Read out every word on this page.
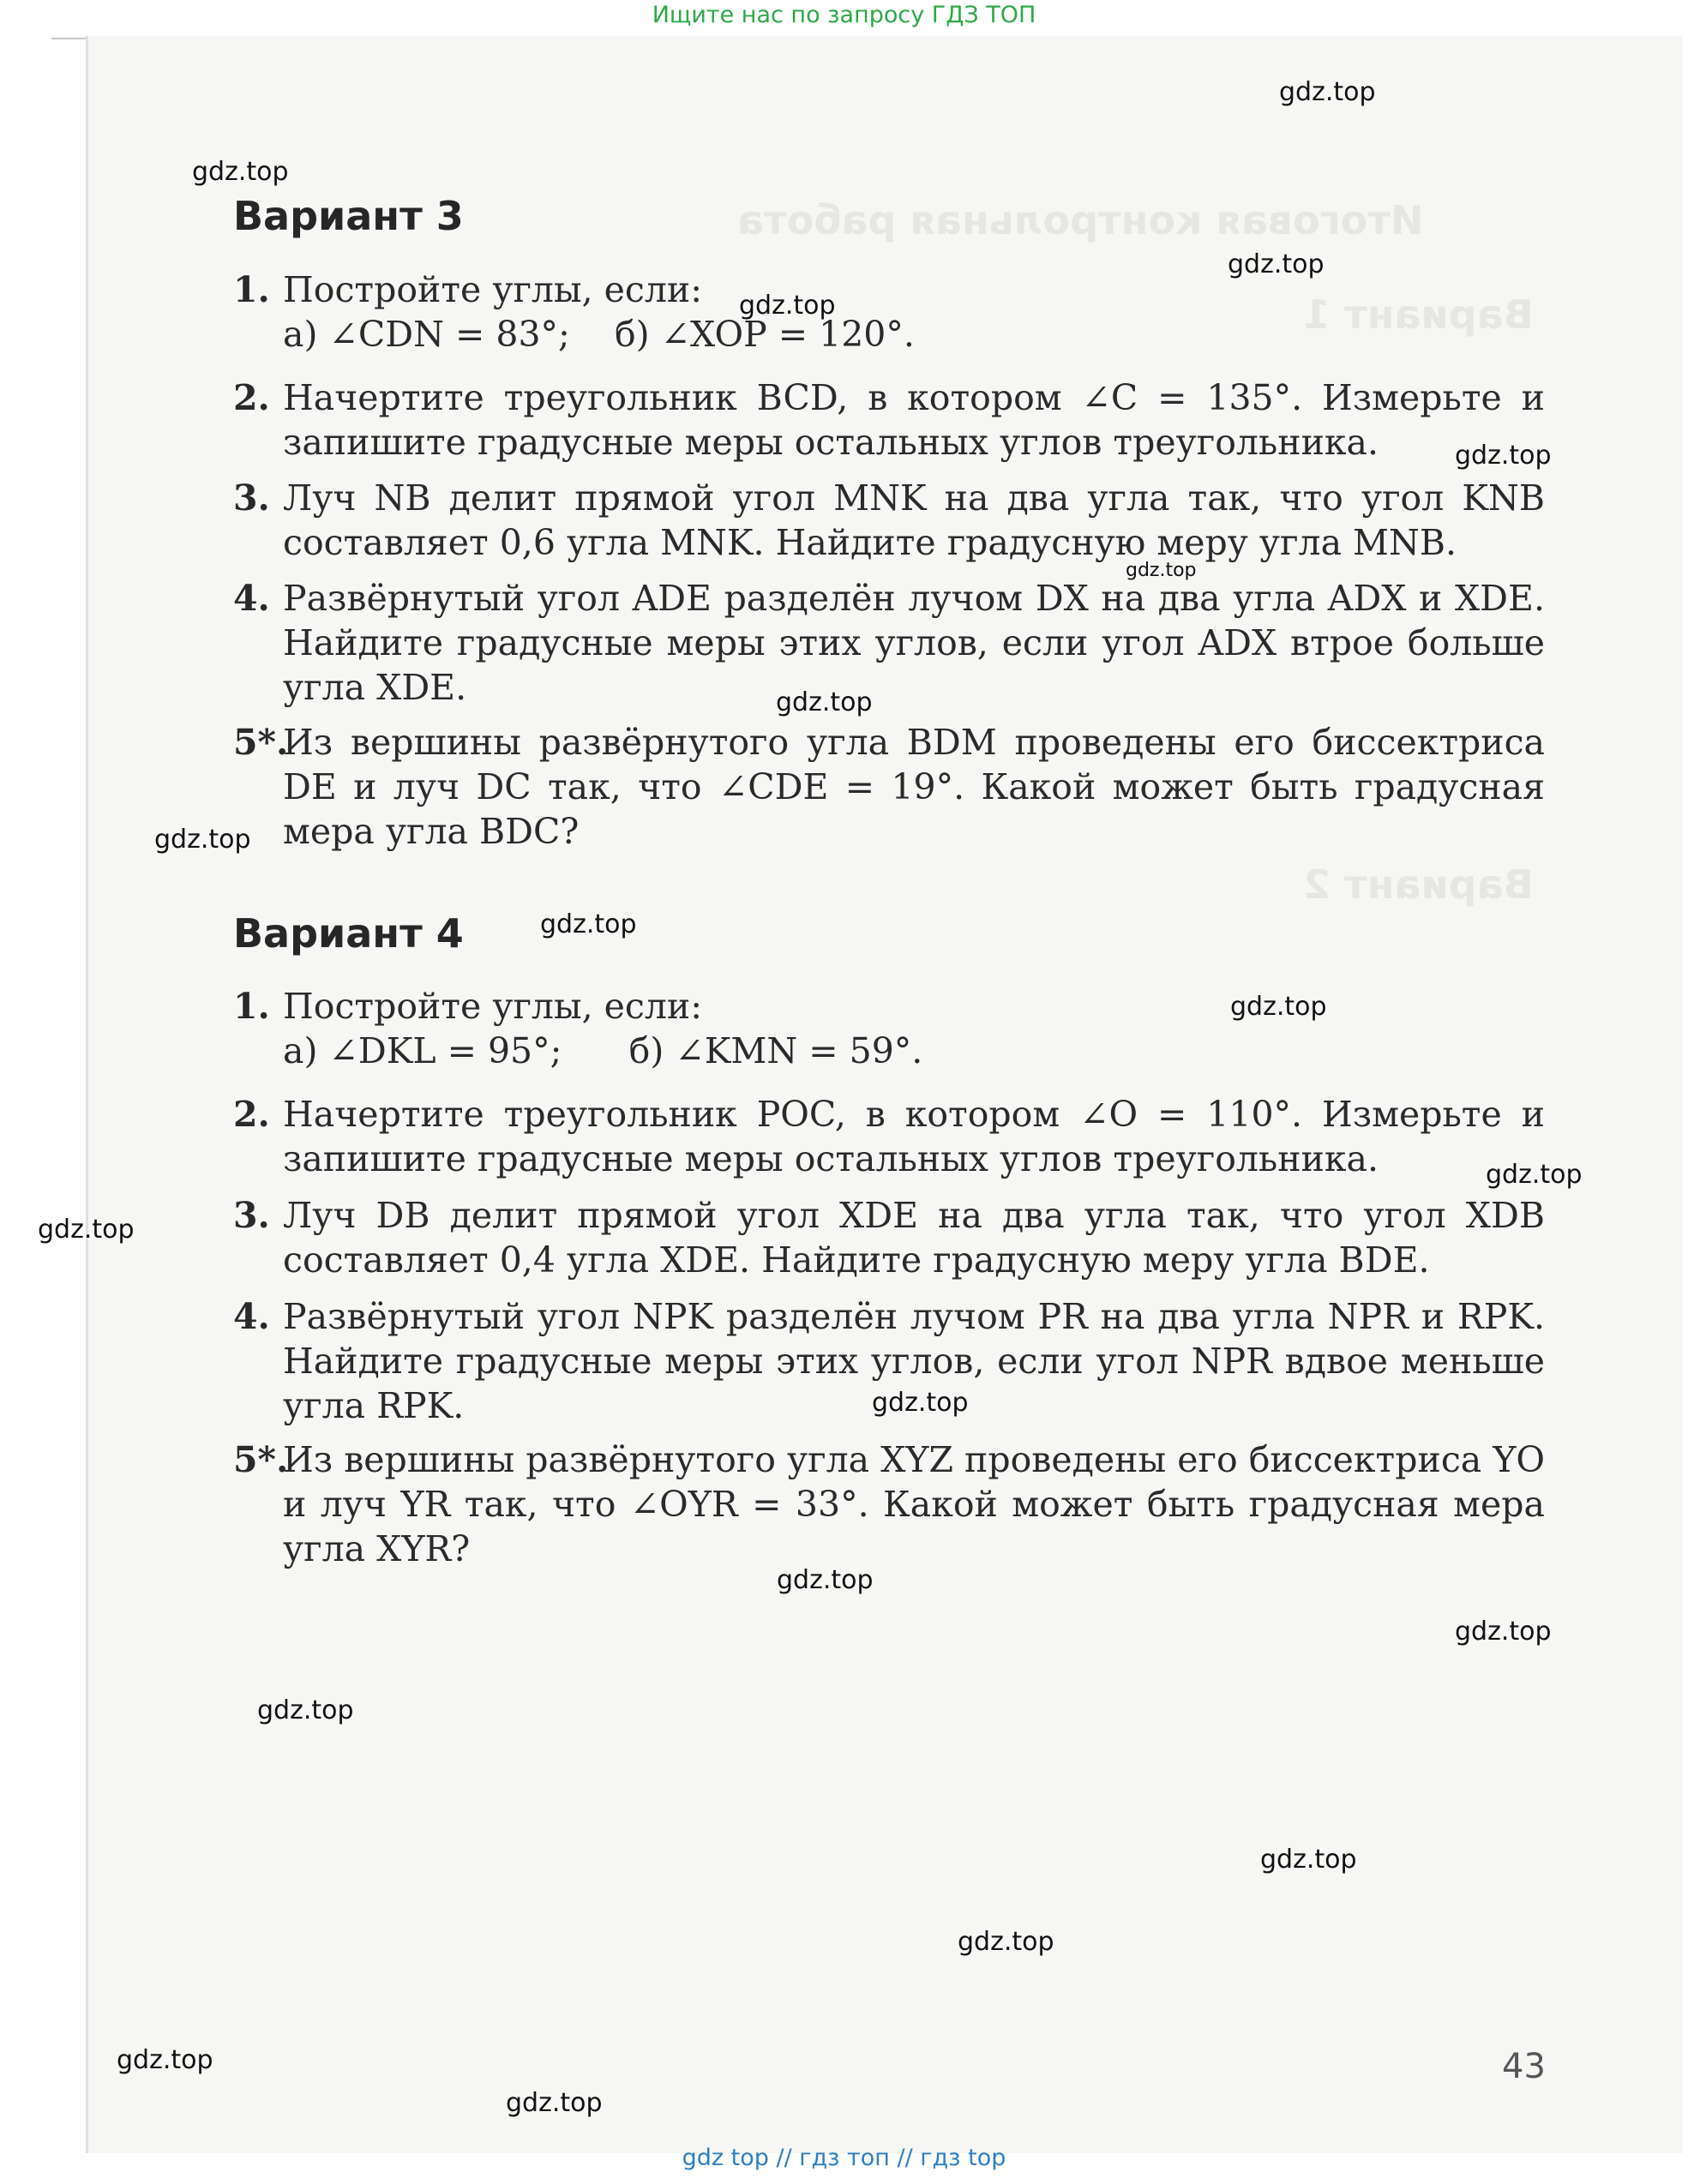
Ищите нас по запросу ГДЗ ТОП
Итоговая контрольная работа
Вариант 1
Вариант 2
Вариант 3
1. Постройте углы, если:
а) ∠CDN = 83°;    б) ∠XOP = 120°.
2. Начертите треугольник BCD, в котором ∠C = 135°. Измерьте и запишите градусные меры остальных углов треугольника.
3. Луч NB делит прямой угол MNK на два угла так, что угол KNB составляет 0,6 угла MNK. Найдите градусную меру угла MNB.
4. Развёрнутый угол ADE разделён лучом DX на два угла ADX и XDE. Найдите градусные меры этих углов, если угол ADX втрое больше угла XDE.
5*.
Из вершины развёрнутого угла BDM проведены его биссектриса DE и луч DC так, что ∠CDE = 19°. Какой может быть градусная мера угла BDC?
Вариант 4
1. Постройте углы, если:
а) ∠DKL = 95°;      б) ∠KMN = 59°.
2. Начертите треугольник POC, в котором ∠O = 110°. Измерьте и запишите градусные меры остальных углов треугольника.
3. Луч DB делит прямой угол XDE на два угла так, что угол XDB составляет 0,4 угла XDE. Найдите градусную меру угла BDE.
4. Развёрнутый угол NPK разделён лучом PR на два угла NPR и RPK. Найдите градусные меры этих углов, если угол NPR вдвое меньше угла RPK.
5*.
Из вершины развёрнутого угла XYZ проведены его биссектриса YO и луч YR так, что ∠OYR = 33°. Какой может быть градусная мера угла XYR?
gdz.top
gdz.top
gdz.top
gdz.top
gdz.top
gdz.top
gdz.top
gdz.top
gdz.top
gdz.top
gdz.top
gdz.top
gdz.top
gdz.top
gdz.top
gdz.top
gdz.top
gdz.top
gdz.top
gdz.top
43
gdz top // гдз топ // гдз top
